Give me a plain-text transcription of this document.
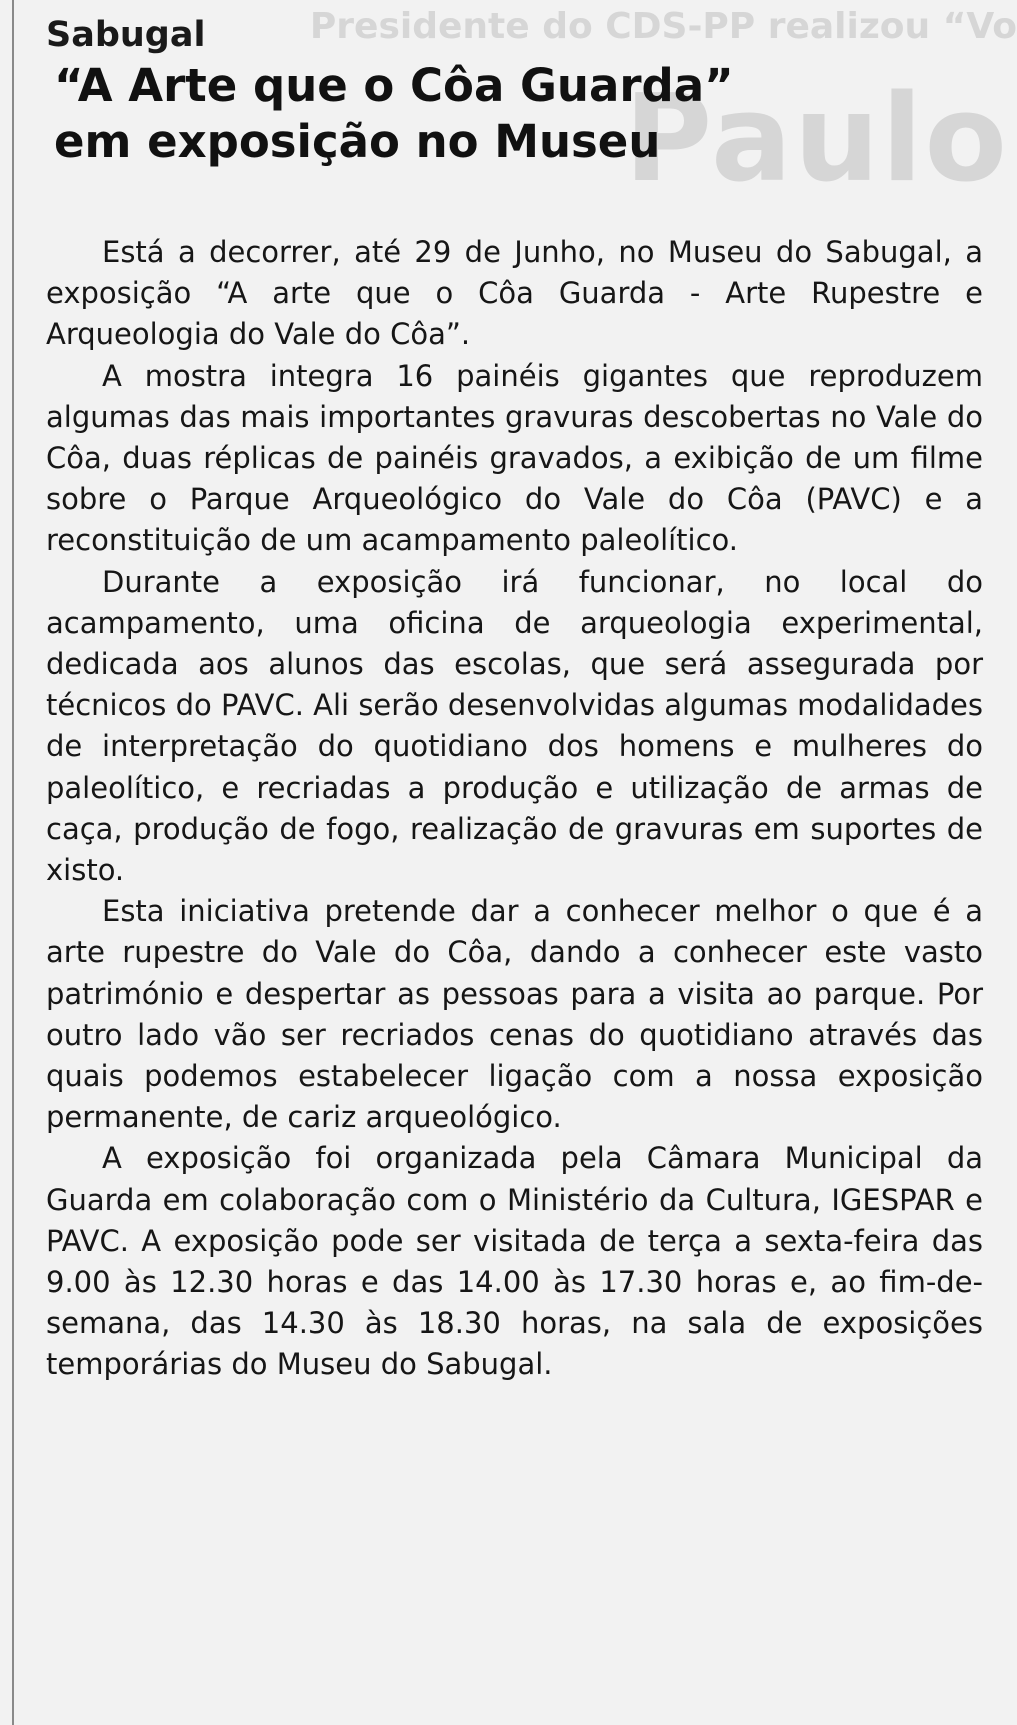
Presidente do CDS-PP realizou “Vo
Paulo
Sabugal
“A Arte que o Côa Guarda”
em exposição no Museu

Está a decorrer, até 29 de Junho, no Museu do Sabugal, a exposição “A arte que o Côa Guarda - Arte Rupestre e Arqueologia do Vale do Côa”.

A mostra integra 16 painéis gigantes que reproduzem algumas das mais importantes gravuras descobertas no Vale do Côa, duas réplicas de painéis gravados, a exibição de um filme sobre o Parque Arqueológico do Vale do Côa (PAVC) e a reconstituição de um acampamento paleolítico.

Durante a exposição irá funcionar, no local do acampamento, uma oficina de arqueologia experimental, dedicada aos alunos das escolas, que será assegurada por técnicos do PAVC. Ali serão desenvolvidas algumas modalidades de interpretação do quotidiano dos homens e mulheres do paleolítico, e recriadas a produção e utilização de armas de caça, produção de fogo, realização de gravuras em suportes de xisto.

Esta iniciativa pretende dar a conhecer melhor o que é a arte rupestre do Vale do Côa, dando a conhecer este vasto património e despertar as pessoas para a visita ao parque. Por outro lado vão ser recriados cenas do quotidiano através das quais podemos estabelecer ligação com a nossa exposição permanente, de cariz arqueológico.

A exposição foi organizada pela Câmara Municipal da Guarda em colaboração com o Ministério da Cultura, IGESPAR e PAVC. A exposição pode ser visitada de terça a sexta-feira das 9.00 às 12.30 horas e das 14.00 às 17.30 horas e, ao fim-de-semana, das 14.30 às 18.30 horas, na sala de exposições temporárias do Museu do Sabugal.
